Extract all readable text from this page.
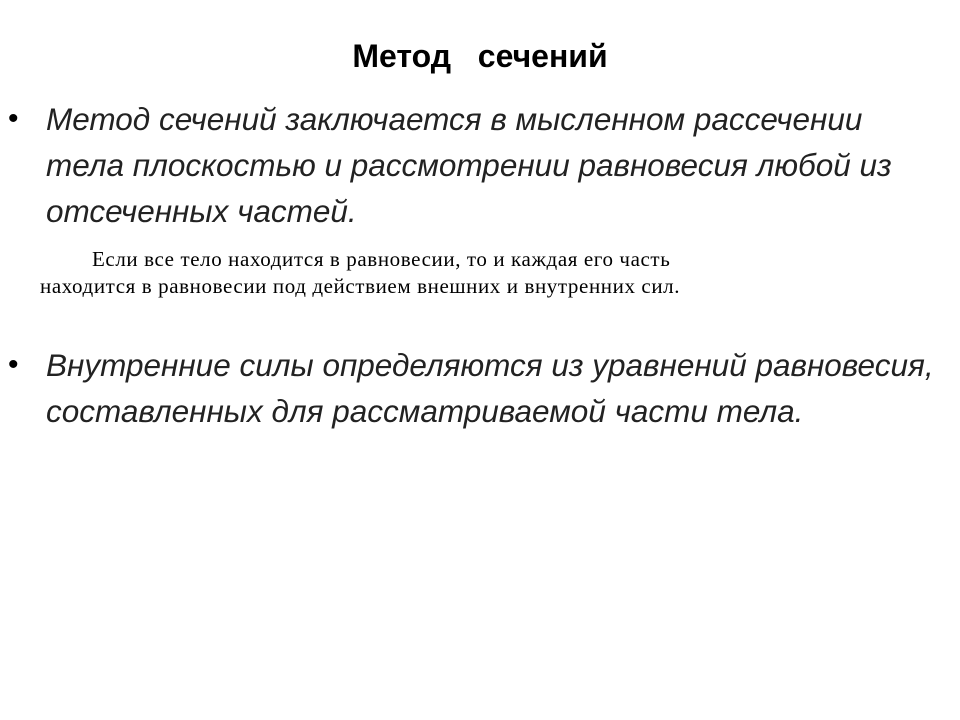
Метод   сечений
• Метод сечений заключается в мысленном рассечении тела плоскостью и рассмотрении равновесия любой из отсеченных частей.
Если все тело находится в равновесии, то и каждая его часть
находится в равновесии под действием внешних и внутренних сил.
• Внутренние силы определяются из уравнений равновесия, составленных для рассматриваемой части тела.
